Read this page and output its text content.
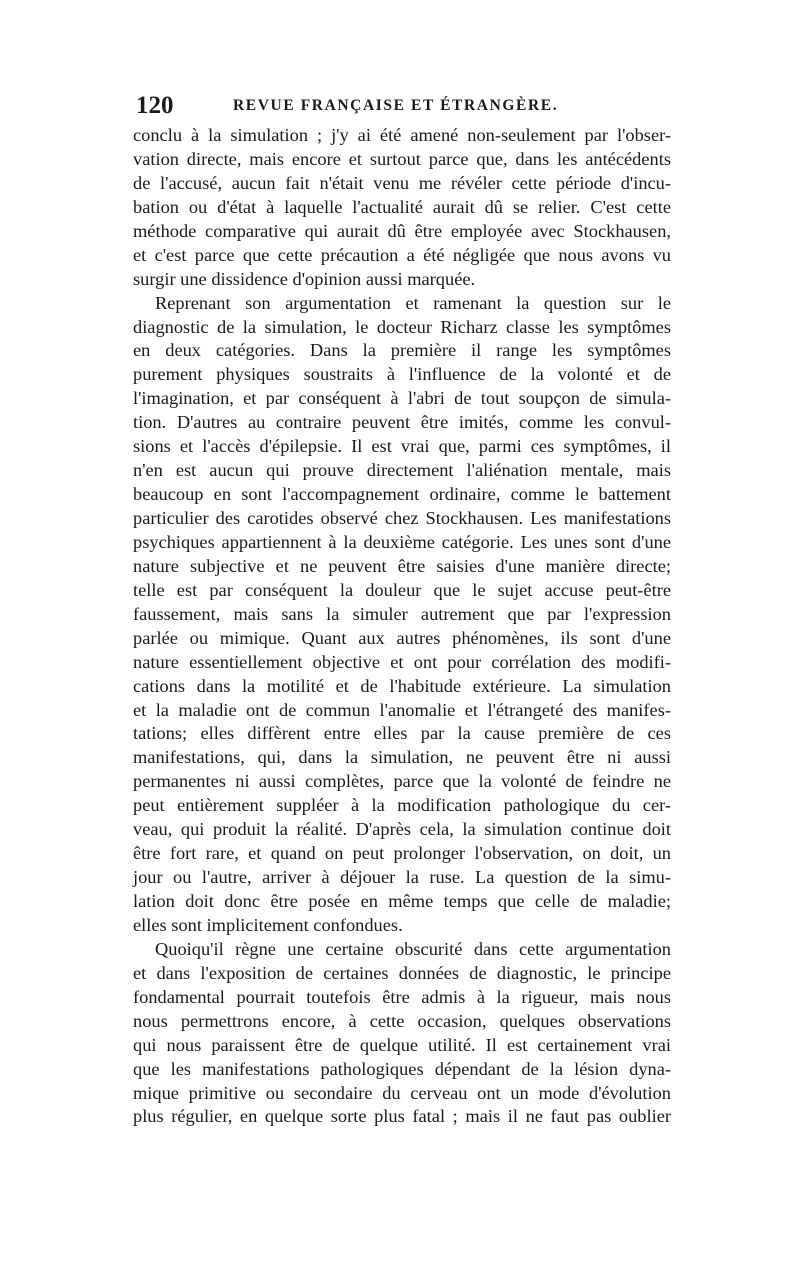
120	REVUE FRANÇAISE ET ÉTRANGÈRE.
conclu à la simulation ; j'y ai été amené non-seulement par l'obser-
vation directe, mais encore et surtout parce que, dans les antécédents
de l'accusé, aucun fait n'était venu me révéler cette période d'incu-
bation ou d'état à laquelle l'actualité aurait dû se relier. C'est cette
méthode comparative qui aurait dû être employée avec Stockhausen,
et c'est parce que cette précaution a été négligée que nous avons vu
surgir une dissidence d'opinion aussi marquée.
Reprenant son argumentation et ramenant la question sur le
diagnostic de la simulation, le docteur Richarz classe les symptômes
en deux catégories. Dans la première il range les symptômes
purement physiques soustraits à l'influence de la volonté et de
l'imagination, et par conséquent à l'abri de tout soupçon de simula-
tion. D'autres au contraire peuvent être imités, comme les convul-
sions et l'accès d'épilepsie. Il est vrai que, parmi ces symptômes, il
n'en est aucun qui prouve directement l'aliénation mentale, mais
beaucoup en sont l'accompagnement ordinaire, comme le battement
particulier des carotides observé chez Stockhausen. Les manifestations
psychiques appartiennent à la deuxième catégorie. Les unes sont d'une
nature subjective et ne peuvent être saisies d'une manière directe;
telle est par conséquent la douleur que le sujet accuse peut-être
faussement, mais sans la simuler autrement que par l'expression
parlée ou mimique. Quant aux autres phénomènes, ils sont d'une
nature essentiellement objective et ont pour corrélation des modifi-
cations dans la motilité et de l'habitude extérieure. La simulation
et la maladie ont de commun l'anomalie et l'étrangeté des manifes-
tations; elles diffèrent entre elles par la cause première de ces
manifestations, qui, dans la simulation, ne peuvent être ni aussi
permanentes ni aussi complètes, parce que la volonté de feindre ne
peut entièrement suppléer à la modification pathologique du cer-
veau, qui produit la réalité. D'après cela, la simulation continue doit
être fort rare, et quand on peut prolonger l'observation, on doit, un
jour ou l'autre, arriver à déjouer la ruse. La question de la simu-
lation doit donc être posée en même temps que celle de maladie;
elles sont implicitement confondues.
Quoiqu'il règne une certaine obscurité dans cette argumentation
et dans l'exposition de certaines données de diagnostic, le principe
fondamental pourrait toutefois être admis à la rigueur, mais nous
nous permettrons encore, à cette occasion, quelques observations
qui nous paraissent être de quelque utilité. Il est certainement vrai
que les manifestations pathologiques dépendant de la lésion dyna-
mique primitive ou secondaire du cerveau ont un mode d'évolution
plus régulier, en quelque sorte plus fatal ; mais il ne faut pas oublier
